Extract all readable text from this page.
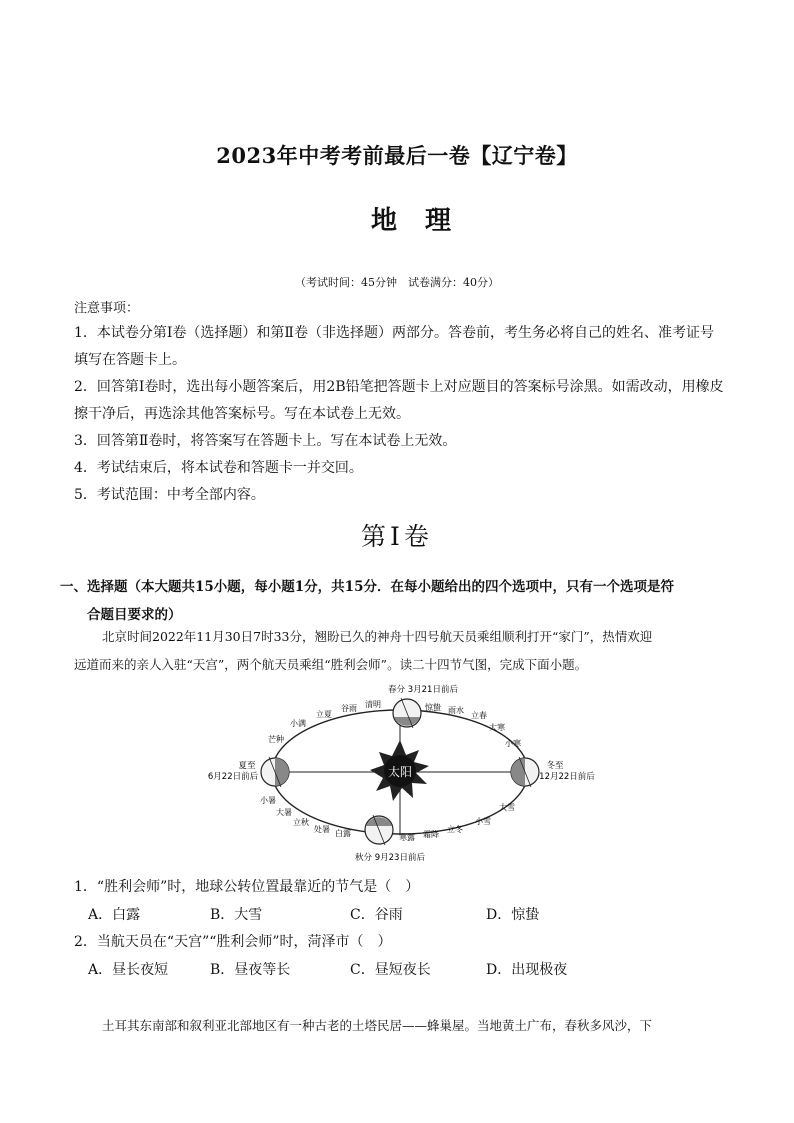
2023年中考考前最后一卷【辽宁卷】
地理
（考试时间：45分钟　试卷满分：40分）

注意事项：

1．本试卷分第Ⅰ卷（选择题）和第Ⅱ卷（非选择题）两部分。答卷前，考生务必将自己的姓名、准考证号填写在答题卡上。

2．回答第Ⅰ卷时，选出每小题答案后，用2B铅笔把答题卡上对应题目的答案标号涂黑。如需改动，用橡皮擦干净后，再选涂其他答案标号。写在本试卷上无效。

3．回答第Ⅱ卷时，将答案写在答题卡上。写在本试卷上无效。

4．考试结束后，将本试卷和答题卡一并交回。

5．考试范围：中考全部内容。

第Ⅰ卷
一、选择题（本大题共15小题，每小题1分，共15分．在每小题给出的四个选项中，只有一个选项是符
合题目要求的）

北京时间2022年11月30日7时33分，翘盼已久的神舟十四号航天员乘组顺利打开“家门”，热情欢迎

远道而来的亲人入驻“天宫”，两个航天员乘组“胜利会师”。读二十四节气图，完成下面小题。

太阳
春分 3月21日前后
夏至
6月22日前后
秋分 9月23日前后
冬至
12月22日前后
立夏
谷雨 清明
小满
芒种
惊蛰 雨水
立春
大寒
小寒
小暑
大暑
立秋
处暑 白露	寒露 霜降
立冬
小雪
大雪
1．“胜利会师”时，地球公转位置最靠近的节气是（　）
A．白露	B．大雪	C．谷雨	D．惊蛰
2．当航天员在“天宫”“胜利会师”时，菏泽市（　）
A．昼长夜短	B．昼夜等长	C．昼短夜长	D．出现极夜

土耳其东南部和叙利亚北部地区有一种古老的土塔民居——蜂巢屋。当地黄土广布，春秋多风沙，下
